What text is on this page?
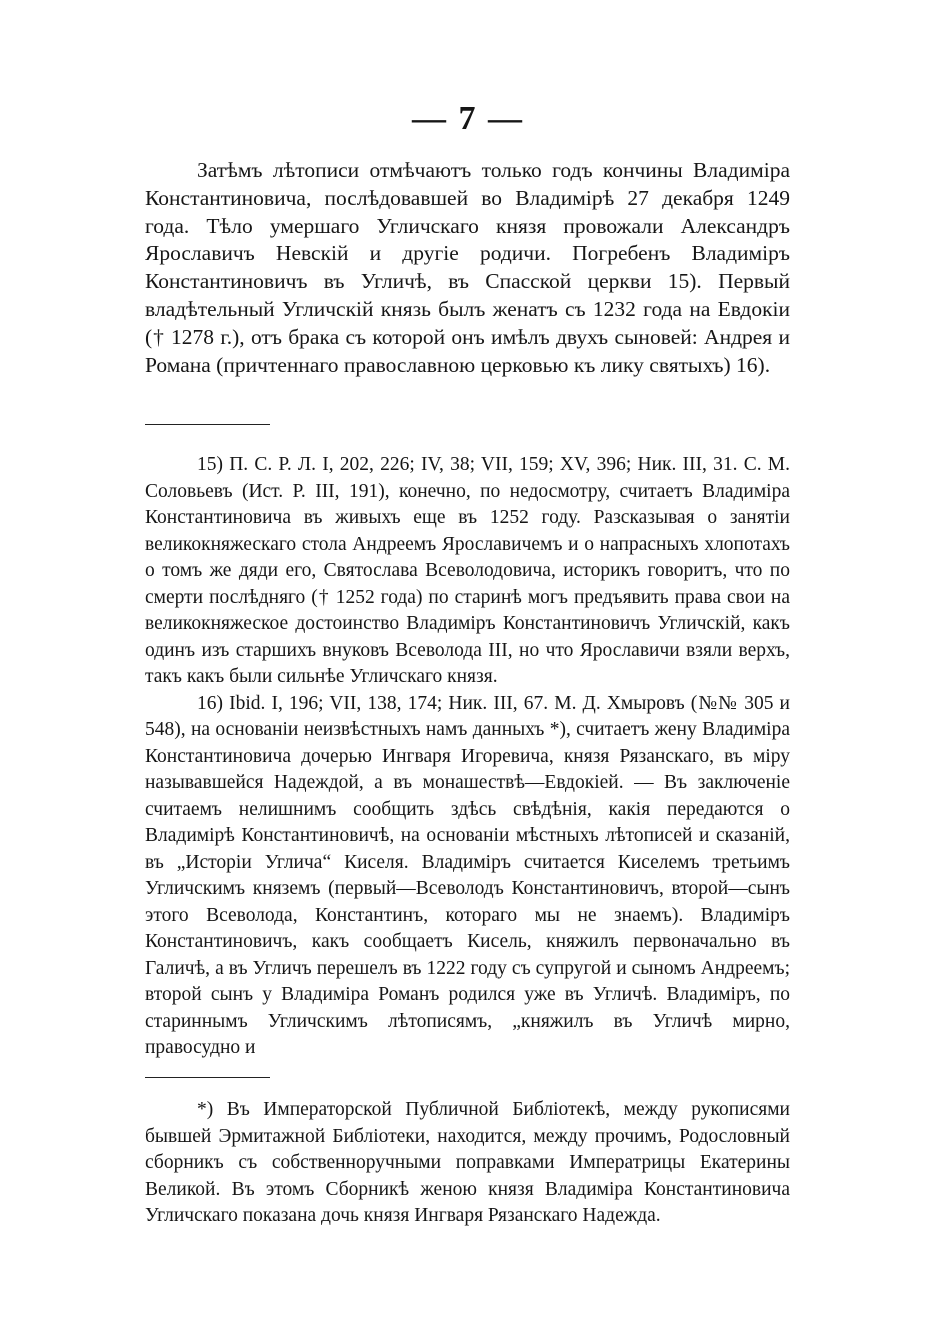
— 7 —

Затѣмъ лѣтописи отмѣчаютъ только годъ кончины Владиміра Константиновича, послѣдовавшей во Владимірѣ 27 декабря 1249 года. Тѣло умершаго Угличскаго князя провожали Александръ Ярославичъ Невскій и другіе родичи. Погребенъ Владиміръ Константиновичъ въ Угличѣ, въ Спасской церкви 15). Первый владѣтельный Угличскій князь былъ женатъ съ 1232 года на Евдокіи († 1278 г.), отъ брака съ которой онъ имѣлъ двухъ сыновей: Андрея и Романа (причтеннаго православною церковью къ лику святыхъ) 16).

15) П. С. Р. Л. I, 202, 226; IV, 38; VII, 159; XV, 396; Ник. III, 31. С. М. Соловьевъ (Ист. Р. III, 191), конечно, по недосмотру, считаетъ Владиміра Константиновича въ живыхъ еще въ 1252 году. Разсказывая о занятіи великокняжескаго стола Андреемъ Ярославичемъ и о напрасныхъ хлопотахъ о томъ же дяди его, Святослава Всеволодовича, историкъ говоритъ, что по смерти послѣдняго († 1252 года) по старинѣ могъ предъявить права свои на великокняжеское достоинство Владиміръ Константиновичъ Угличскій, какъ одинъ изъ старшихъ внуковъ Всеволода III, но что Ярославичи взяли верхъ, такъ какъ были сильнѣе Угличскаго князя.

16) Ibid. I, 196; VII, 138, 174; Ник. III, 67. М. Д. Хмыровъ (№№ 305 и 548), на основаніи неизвѣстныхъ намъ данныхъ *), считаетъ жену Владиміра Константиновича дочерью Ингваря Игоревича, князя Рязанскаго, въ міру называвшейся Надеждой, а въ монашествѣ—Евдокіей. — Въ заключеніе считаемъ нелишнимъ сообщить здѣсь свѣдѣнія, какія передаются о Владимірѣ Константиновичѣ, на основаніи мѣстныхъ лѣтописей и сказаній, въ „Исторіи Углича“ Киселя. Владиміръ считается Киселемъ третьимъ Угличскимъ княземъ (первый—Всеволодъ Константиновичъ, второй—сынъ этого Всеволода, Константинъ, котораго мы не знаемъ). Владиміръ Константиновичъ, какъ сообщаетъ Кисель, княжилъ первоначально въ Галичѣ, а въ Угличъ перешелъ въ 1222 году съ супругой и сыномъ Андреемъ; второй сынъ у Владиміра Романъ родился уже въ Угличѣ. Владиміръ, по стариннымъ Угличскимъ лѣтописямъ, „княжилъ въ Угличѣ мирно, правосудно и

*) Въ Императорской Публичной Библіотекѣ, между рукописями бывшей Эрмитажной Библіотеки, находится, между прочимъ, Родословный сборникъ съ собственноручными поправками Императрицы Екатерины Великой. Въ этомъ Сборникѣ женою князя Владиміра Константиновича Угличскаго показана дочь князя Ингваря Рязанскаго Надежда.
